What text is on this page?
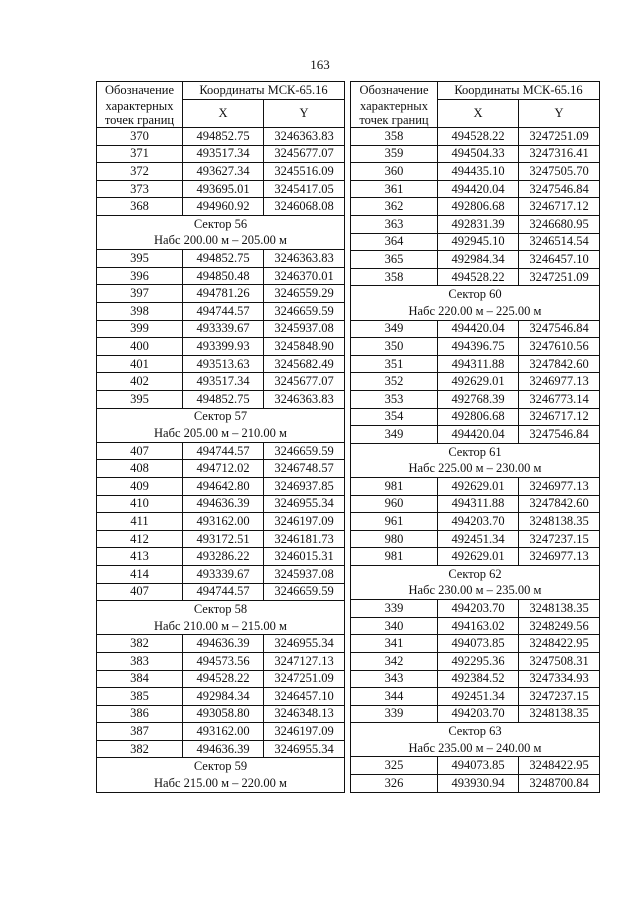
163
Обозначение	Координаты МСК-65.16	
характерных
точек границ	X	Y
370	494852.75	3246363.83
371	493517.34	3245677.07
372	493627.34	3245516.09
373	493695.01	3245417.05
368	494960.92	3246068.08
Сектор 56		
Набс 200.00 м – 205.00 м		
395	494852.75	3246363.83
396	494850.48	3246370.01
397	494781.26	3246559.29
398	494744.57	3246659.59
399	493339.67	3245937.08
400	493399.93	3245848.90
401	493513.63	3245682.49
402	493517.34	3245677.07
395	494852.75	3246363.83
Сектор 57		
Набс 205.00 м – 210.00 м		
407	494744.57	3246659.59
408	494712.02	3246748.57
409	494642.80	3246937.85
410	494636.39	3246955.34
411	493162.00	3246197.09
412	493172.51	3246181.73
413	493286.22	3246015.31
414	493339.67	3245937.08
407	494744.57	3246659.59
Сектор 58		
Набс 210.00 м – 215.00 м		
382	494636.39	3246955.34
383	494573.56	3247127.13
384	494528.22	3247251.09
385	492984.34	3246457.10
386	493058.80	3246348.13
387	493162.00	3246197.09
382	494636.39	3246955.34
Сектор 59		
Набс 215.00 м – 220.00 м		
Обозначение	Координаты МСК-65.16	
характерных
точек границ	X	Y
358	494528.22	3247251.09
359	494504.33	3247316.41
360	494435.10	3247505.70
361	494420.04	3247546.84
362	492806.68	3246717.12
363	492831.39	3246680.95
364	492945.10	3246514.54
365	492984.34	3246457.10
358	494528.22	3247251.09
Сектор 60		
Набс 220.00 м – 225.00 м		
349	494420.04	3247546.84
350	494396.75	3247610.56
351	494311.88	3247842.60
352	492629.01	3246977.13
353	492768.39	3246773.14
354	492806.68	3246717.12
349	494420.04	3247546.84
Сектор 61		
Набс 225.00 м – 230.00 м		
981	492629.01	3246977.13
960	494311.88	3247842.60
961	494203.70	3248138.35
980	492451.34	3247237.15
981	492629.01	3246977.13
Сектор 62		
Набс 230.00 м – 235.00 м		
339	494203.70	3248138.35
340	494163.02	3248249.56
341	494073.85	3248422.95
342	492295.36	3247508.31
343	492384.52	3247334.93
344	492451.34	3247237.15
339	494203.70	3248138.35
Сектор 63		
Набс 235.00 м – 240.00 м		
325	494073.85	3248422.95
326	493930.94	3248700.84
